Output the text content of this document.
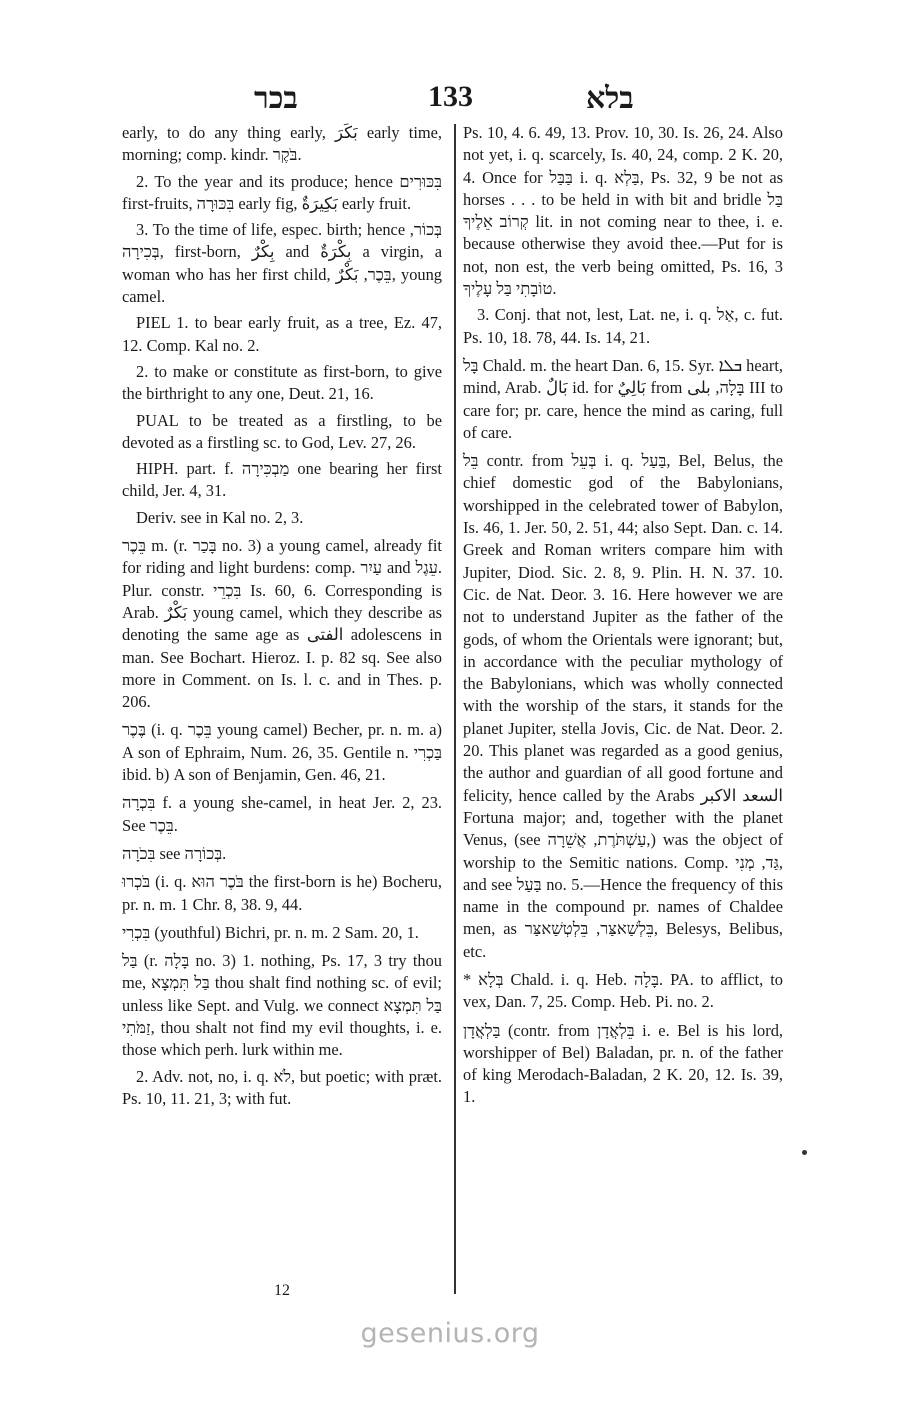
בכר	133	בלא

early, to do any thing early, بَكَرَ early time, morning; comp. kindr. בֹּקֶר.

2. To the year and its produce; hence בִּכּוּרִים first-fruits, בִּכּוּרָה early fig, بَكِيرَةٌ early fruit.

3. To the time of life, espec. birth; hence בְּכוֹר, בְּכִירָה, first-born, بِكْرٌ and بِكْرَةٌ a virgin, a woman who has her first child, בֵּכֶר, بَكْرٌ, young camel.

PIEL 1. to bear early fruit, as a tree, Ez. 47, 12. Comp. Kal no. 2.

2. to make or constitute as first-born, to give the birthright to any one, Deut. 21, 16.

PUAL to be treated as a firstling, to be devoted as a firstling sc. to God, Lev. 27, 26.

HIPH. part. f. מַבְכִּירָה one bearing her first child, Jer. 4, 31.

Deriv. see in Kal no. 2, 3.

בֵּכֶר m. (r. בָּכַר no. 3) a young camel, already fit for riding and light burdens: comp. עַיִר and עֵגֶל. Plur. constr. בִּכְרֵי Is. 60, 6. Corresponding is Arab. بَكْرٌ young camel, which they describe as denoting the same age as الفتى adolescens in man. See Bochart. Hieroz. I. p. 82 sq. See also more in Comment. on Is. l. c. and in Thes. p. 206.

בֶּכֶר (i. q. בֵּכֶר young camel) Becher, pr. n. m. a) A son of Ephraim, Num. 26, 35. Gentile n. בַּכְרִי ibid. b) A son of Benjamin, Gen. 46, 21.

בִּכְרָה f. a young she-camel, in heat Jer. 2, 23. See בֵּכֶר.

בִּכֹרָה see בְּכוֹרָה.

בֹּכְרוּ (i. q. בֹּכֶר הוּא the first-born is he) Bocheru, pr. n. m. 1 Chr. 8, 38. 9, 44.

בִּכְרִי (youthful) Bichri, pr. n. m. 2 Sam. 20, 1.

בַּל (r. בָּלָה no. 3) 1. nothing, Ps. 17, 3 try thou me, בַּל תִּמְצָא thou shalt find nothing sc. of evil; unless like Sept. and Vulg. we connect בַּל תִּמְצָא זַמֹּתִי, thou shalt not find my evil thoughts, i. e. those which perh. lurk within me.

2. Adv. not, no, i. q. לֹא, but poetic; with præt. Ps. 10, 11. 21, 3; with fut.

Ps. 10, 4. 6. 49, 13. Prov. 10, 30. Is. 26, 24. Also not yet, i. q. scarcely, Is. 40, 24, comp. 2 K. 20, 4. Once for בַּבַּל i. q. בַּלְא, Ps. 32, 9 be not as horses . . . to be held in with bit and bridle בַּל קְרוֹב אֵלֶיךָ lit. in not coming near to thee, i. e. because otherwise they avoid thee.—Put for is not, non est, the verb being omitted, Ps. 16, 3 טוֹבָתִי בַּל עָלֶיךָ.

3. Conj. that not, lest, Lat. ne, i. q. אַל, c. fut. Ps. 10, 18. 78, 44. Is. 14, 21.

בָּל Chald. m. the heart Dan. 6, 15. Syr. ܒܠܐ heart, mind, Arab. بَالٌ id. for بَالِيٌ from בָּלָה, بلى III to care for; pr. care, hence the mind as caring, full of care.

בֵּל contr. from בְּעֵל i. q. בַּעַל, Bel, Belus, the chief domestic god of the Babylonians, worshipped in the celebrated tower of Babylon, Is. 46, 1. Jer. 50, 2. 51, 44; also Sept. Dan. c. 14. Greek and Roman writers compare him with Jupiter, Diod. Sic. 2. 8, 9. Plin. H. N. 37. 10. Cic. de Nat. Deor. 3. 16. Here however we are not to understand Jupiter as the father of the gods, of whom the Orientals were ignorant; but, in accordance with the peculiar mythology of the Babylonians, which was wholly connected with the worship of the stars, it stands for the planet Jupiter, stella Jovis, Cic. de Nat. Deor. 2. 20. This planet was regarded as a good genius, the author and guardian of all good fortune and felicity, hence called by the Arabs السعد الاكبر Fortuna major; and, together with the planet Venus, (see עַשְׁתֹּרֶת, אֲשֵׁרָה,) was the object of worship to the Semitic nations. Comp. גַּד, מְנִי, and see בַּעַל no. 5.—Hence the frequency of this name in the compound pr. names of Chaldee men, as בֵּלְשַׁאצַּר, בֵּלְטְשַׁאצַּר, Belesys, Belibus, etc.

* בְּלָא Chald. i. q. Heb. בָּלָה. PA. to afflict, to vex, Dan. 7, 25. Comp. Heb. Pi. no. 2.

בַּלְאֲדָן (contr. from בֵּלְאֲדָן i. e. Bel is his lord, worshipper of Bel) Baladan, pr. n. of the father of king Merodach-Baladan, 2 K. 20, 12. Is. 39, 1.

12
gesenius.org
